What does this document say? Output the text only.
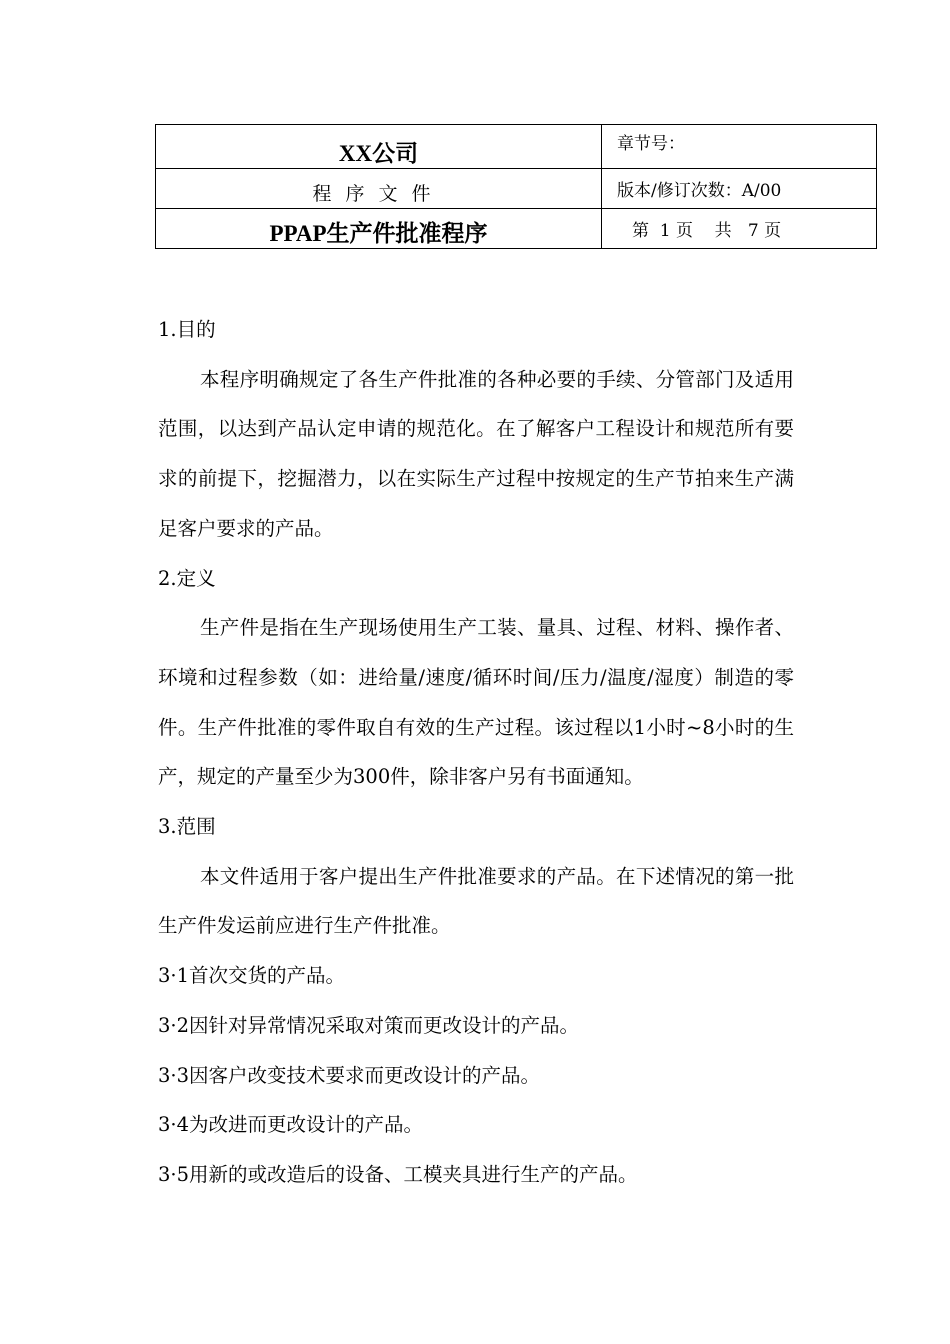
XX公司	章节号：
程序文件	版本/修订次数：A/00
PPAP生产件批准程序	第  1 页    共   7 页

1.目的

本程序明确规定了各生产件批准的各种必要的手续、分管部门及适用范围，以达到产品认定申请的规范化。在了解客户工程设计和规范所有要求的前提下，挖掘潜力，以在实际生产过程中按规定的生产节拍来生产满足客户要求的产品。

2.定义

生产件是指在生产现场使用生产工装、量具、过程、材料、操作者、环境和过程参数（如：进给量/速度/循环时间/压力/温度/湿度）制造的零件。生产件批准的零件取自有效的生产过程。该过程以1小时~8小时的生产，规定的产量至少为300件，除非客户另有书面通知。

3.范围

本文件适用于客户提出生产件批准要求的产品。在下述情况的第一批生产件发运前应进行生产件批准。

3·1首次交货的产品。

3·2因针对异常情况采取对策而更改设计的产品。

3·3因客户改变技术要求而更改设计的产品。

3·4为改进而更改设计的产品。

3·5用新的或改造后的设备、工模夹具进行生产的产品。
